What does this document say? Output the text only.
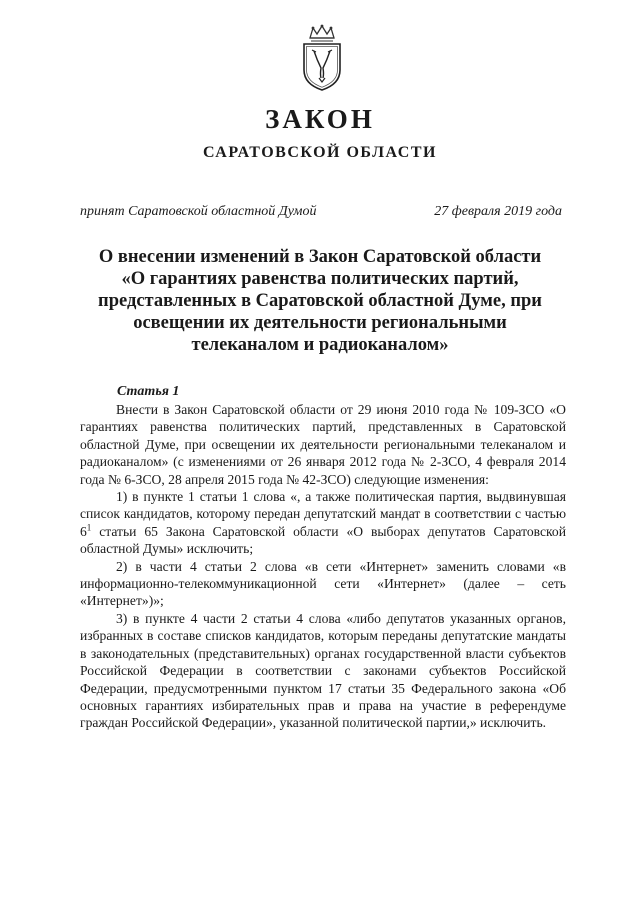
ЗАКОН
САРАТОВСКОЙ ОБЛАСТИ
принят Саратовской областной Думой	27 февраля 2019 года
О внесении изменений в Закон Саратовской области
«О гарантиях равенства политических партий,
представленных в Саратовской областной Думе, при
освещении их деятельности региональными
телеканалом и радиоканалом»
Статья 1

Внести в Закон Саратовской области от 29 июня 2010 года № 109-ЗСО «О гарантиях равенства политических партий, представленных в Саратовской областной Думе, при освещении их деятельности региональными телеканалом и радиоканалом» (с изменениями от 26 января 2012 года № 2-ЗСО, 4 февраля 2014 года № 6-ЗСО, 28 апреля 2015 года № 42-ЗСО) следующие изменения:

1) в пункте 1 статьи 1 слова «, а также политическая партия, выдвинувшая список кандидатов, которому передан депутатский мандат в соответствии с частью $6^1$ статьи 65 Закона Саратовской области «О выборах депутатов Саратовской областной Думы» исключить;

2) в части 4 статьи 2 слова «в сети «Интернет» заменить словами «в информационно-телекоммуникационной сети «Интернет» (далее – сеть «Интернет»)»;

3) в пункте 4 части 2 статьи 4 слова «либо депутатов указанных органов, избранных в составе списков кандидатов, которым переданы депутатские мандаты в законодательных (представительных) органах государственной власти субъектов Российской Федерации в соответствии с законами субъектов Российской Федерации, предусмотренными пунктом 17 статьи 35 Федерального закона «Об основных гарантиях избирательных прав и права на участие в референдуме граждан Российской Федерации», указанной политической партии,» исключить.
